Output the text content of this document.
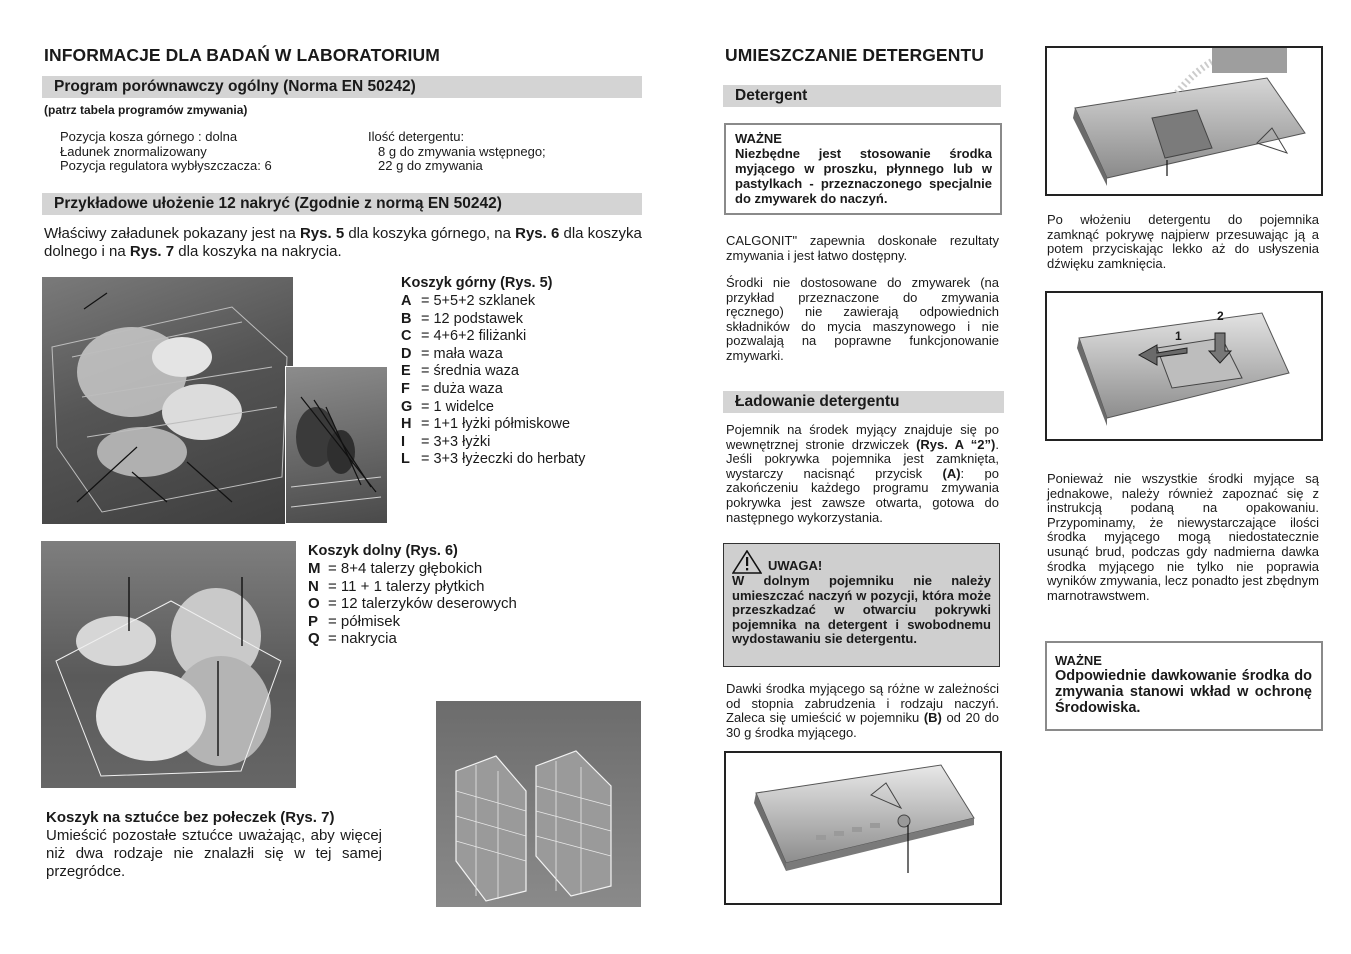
INFORMACJE DLA BADAŃ W LABORATORIUM
Program porównawczy ogólny (Norma EN 50242)
(patrz tabela programów zmywania)
Pozycja kosza górnego : dolna
Ładunek znormalizowany
Pozycja regulatora wybłyszczacza: 6
Ilość detergentu:
8 g do zmywania wstępnego;
22 g do zmywania
Przykładowe ułożenie 12 nakryć (Zgodnie z normą EN 50242)
Właściwy załadunek pokazany jest na Rys. 5 dla koszyka górnego, na Rys. 6 dla koszyka dolnego i na Rys. 7 dla koszyka na nakrycia.
Koszyk górny (Rys. 5)
A = 5+5+2 szklanek
B = 12 podstawek
C = 4+6+2 filiżanki
D = mała waza
E = średnia waza
F = duża waza
G = 1 widelce
H = 1+1 łyżki półmiskowe
I	= 3+3 łyżki
L = 3+3 łyżeczki do herbaty
Koszyk dolny (Rys. 6)
M = 8+4 talerzy głębokich
N = 11 + 1 talerzy płytkich
O = 12 talerzyków deserowych
P = półmisek
Q = nakrycia
Koszyk na sztućce bez połeczek (Rys. 7)
Umieścić pozostałe sztućce uważając, aby więcej niż dwa rodzaje nie znalazłi się w tej samej przegródce.
UMIESZCZANIE DETERGENTU
Detergent
WAŻNE
Niezbędne jest stosowanie środka myjącego w proszku, płynnego lub w pastylkach - przeznaczonego specjalnie do zmywarek do naczyń.
CALGONIT" zapewnia doskonałe rezultaty zmywania i jest łatwo dostępny.
Środki nie dostosowane do zmywarek (na przykład przeznaczone do zmywania ręcznego) nie zawierają odpowiednich składników do mycia maszynowego i nie pozwalają na poprawne funkcjonowanie zmywarki.
Ładowanie detergentu
Pojemnik na środek myjący znajduje się po wewnętrznej stronie drzwiczek (Rys. A “2”). Jeśli pokrywka pojemnika jest zamknięta, wystarczy nacisnąć przycisk (A): po zakończeniu każdego programu zmywania pokrywka jest zawsze otwarta, gotowa do następnego wykorzystania.
UWAGA!
W dolnym pojemniku nie należy umieszczać naczyń w pozycji, która może przeszkadzać w otwarciu pokrywki pojemnika na detergent i swobodnemu wydostawaniu sie detergentu.
Dawki środka myjącego są różne w zależności od stopnia zabrudzenia i rodzaju naczyń. Zaleca się umieścić w pojemniku (B) od 20 do 30 g środka myjącego.
Po włożeniu detergentu do pojemnika zamknąć pokrywę najpierw przesuwając ją a potem przyciskając lekko aż do usłyszenia dźwięku zamknięcia.
1
2
Ponieważ nie wszystkie środki myjące są jednakowe, należy również zapoznać się z instrukcją podaną na opakowaniu. Przypominamy, że niewystarczające ilości środka myjącego mogą niedostatecznie usunąć brud, podczas gdy nadmierna dawka środka myjącego nie tylko nie poprawia wyników zmywania, lecz ponadto jest zbędnym marnotrawstwem.
WAŻNE
Odpowiednie dawkowanie środka do zmywania stanowi wkład w ochronę Środowiska.
